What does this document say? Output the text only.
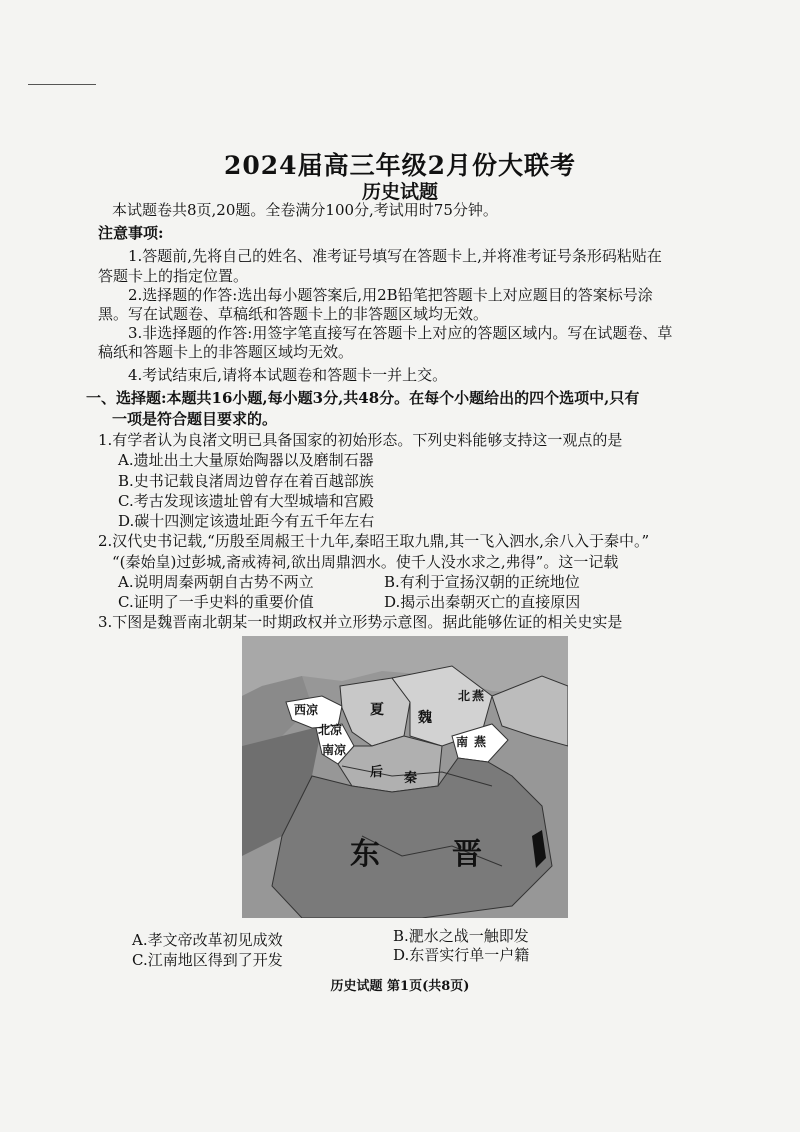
2024届高三年级2月份大联考
历史试题
本试题卷共8页,20题。全卷满分100分,考试用时75分钟。
注意事项:
1.答题前,先将自己的姓名、准考证号填写在答题卡上,并将准考证号条形码粘贴在
答题卡上的指定位置。
2.选择题的作答:选出每小题答案后,用2B铅笔把答题卡上对应题目的答案标号涂
黑。写在试题卷、草稿纸和答题卡上的非答题区域均无效。
3.非选择题的作答:用签字笔直接写在答题卡上对应的答题区域内。写在试题卷、草
稿纸和答题卡上的非答题区域均无效。
4.考试结束后,请将本试题卷和答题卡一并上交。
一、选择题:本题共16小题,每小题3分,共48分。在每个小题给出的四个选项中,只有
一项是符合题目要求的。
1.有学者认为良渚文明已具备国家的初始形态。下列史料能够支持这一观点的是
A.遗址出土大量原始陶器以及磨制石器
B.史书记载良渚周边曾存在着百越部族
C.考古发现该遗址曾有大型城墙和宫殿
D.碳十四测定该遗址距今有五千年左右
2.汉代史书记载,“历殷至周赧王十九年,秦昭王取九鼎,其一飞入泗水,余八入于秦中。”
“(秦始皇)过彭城,斋戒祷祠,欲出周鼎泗水。使千人没水求之,弗得”。这一记载
A.说明周秦两朝自古势不两立	B.有利于宣扬汉朝的正统地位
C.证明了一手史料的重要价值	D.揭示出秦朝灭亡的直接原因
3.下图是魏晋南北朝某一时期政权并立形势示意图。据此能够佐证的相关史实是
西凉
北凉
南凉
夏 魏
北 燕
南 燕
后 秦
东 晋
A.孝文帝改革初见成效	B.淝水之战一触即发
C.江南地区得到了开发	D.东晋实行单一户籍
历史试题 第1页(共8页)
